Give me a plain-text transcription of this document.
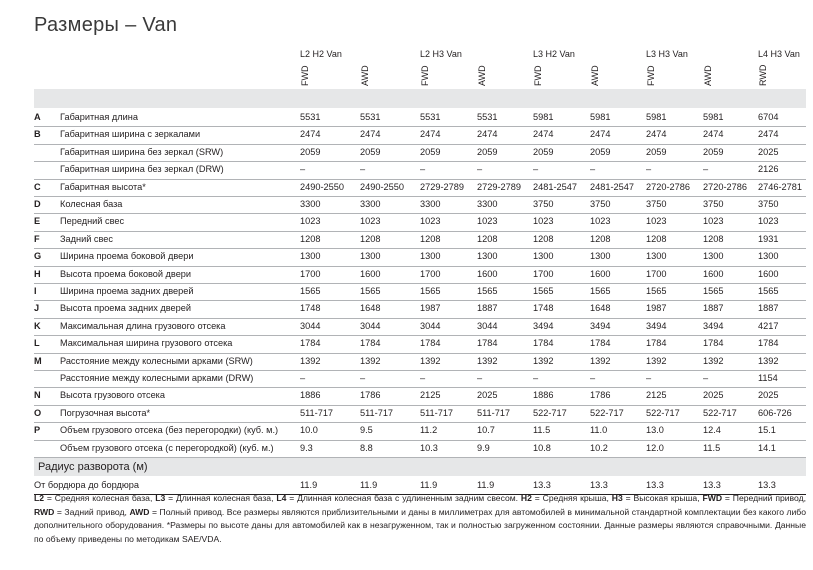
Размеры – Van
L2 H2 Van	L2 H3 Van	L3 H2 Van	L3 H3 Van	L4 H3 Van
FWD	AWD	FWD	AWD	FWD	AWD	FWD	AWD	RWD
A Габаритная длина	5531	5531	5531	5531	5981	5981	5981	5981	6704
B Габаритная ширина с зеркалами	2474	2474	2474	2474	2474	2474	2474	2474	2474
Габаритная ширина без зеркал (SRW)	2059	2059	2059	2059	2059	2059	2059	2059	2025
Габаритная ширина без зеркал (DRW)	–	–	–	–	–	–	–	–	2126
C Габаритная высота*	2490-2550 2490-2550 2729-2789 2729-2789 2481-2547 2481-2547 2720-2786 2720-2786 2746-2781
D Колесная база	3300	3300	3300	3300	3750	3750	3750	3750	3750
E Передний свес	1023	1023	1023	1023	1023	1023	1023	1023	1023
F Задний свес	1208	1208	1208	1208	1208	1208	1208	1208	1931
G Ширина проема боковой двери	1300	1300	1300	1300	1300	1300	1300	1300	1300
H Высота проема боковой двери	1700	1600	1700	1600	1700	1600	1700	1600	1600
I	Ширина проема задних дверей	1565	1565	1565	1565	1565	1565	1565	1565	1565
J Высота проема задних дверей	1748	1648	1987	1887	1748	1648	1987	1887	1887
K Максимальная длина грузового отсека	3044	3044	3044	3044	3494	3494	3494	3494	4217
L Максимальная ширина грузового отсека	1784	1784	1784	1784	1784	1784	1784	1784	1784
M Расстояние между колесными арками (SRW)	1392	1392	1392	1392	1392	1392	1392	1392	1392
Расстояние между колесными арками (DRW)	–	–	–	–	–	–	–	–	1154
N Высота грузового отсека	1886	1786	2125	2025	1886	1786	2125	2025	2025
O Погрузочная высота*	511-717	511-717	511-717	511-717 522-717	522-717 522-717	522-717 606-726
P Объем грузового отсека (без перегородки) (куб. м.) 10.0	9.5	11.2	10.7	11.5	11.0	13.0	12.4	15.1
Объем грузового отсека (с перегородкой) (куб. м.)	9.3	8.8	10.3	9.9	10.8	10.2	12.0	11.5	14.1
Радиус разворота (м)
От бордюра до бордюра	11.9	11.9	11.9	11.9	13.3	13.3	13.3	13.3	13.3
L2 = Средняя колесная база, L3 = Длинная колесная база, L4 = Длинная колесная база с удлиненным задним свесом. H2 = Средняя крыша, H3 = Высокая крыша, FWD = Передний привод, RWD = Задний привод, AWD = Полный привод. Все размеры являются приблизительными и даны в миллиметрах для автомобилей в минимальной стандартной комплектации без какого либо дополнительного оборудования. *Размеры по высоте даны для автомобилей как в незагруженном, так и полностью загруженном состоянии. Данные размеры являются справочными. Данные по объему приведены по методикам SAE/VDA.
